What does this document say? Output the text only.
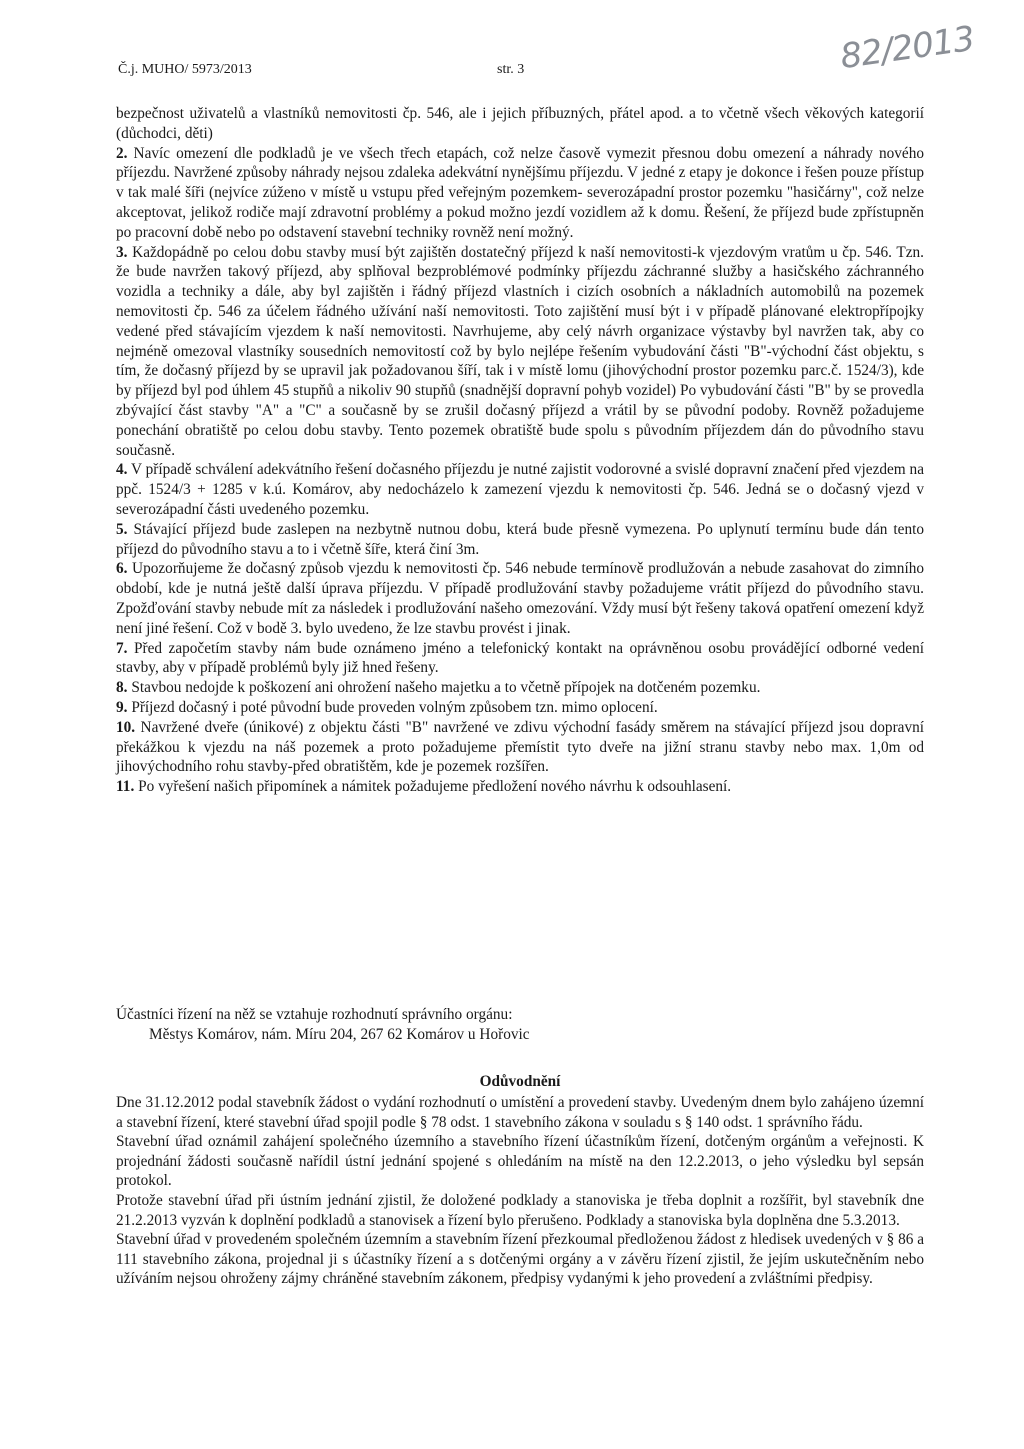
Č.j. MUHO/ 5973/2013	str. 3	82/2013

bezpečnost uživatelů a vlastníků nemovitosti čp. 546, ale i jejich příbuzných, přátel apod. a to včetně všech věkových kategorií (důchodci, děti)

2. Navíc omezení dle podkladů je ve všech třech etapách, což nelze časově vymezit přesnou dobu omezení a náhrady nového příjezdu. Navržené způsoby náhrady nejsou zdaleka adekvátní nynějšímu příjezdu. V jedné z etapy je dokonce i řešen pouze přístup v tak malé šíři (nejvíce zúženo v místě u vstupu před veřejným pozemkem- severozápadní prostor pozemku "hasičárny", což nelze akceptovat, jelikož rodiče mají zdravotní problémy a pokud možno jezdí vozidlem až k domu. Řešení, že příjezd bude zpřístupněn po pracovní době nebo po odstavení stavební techniky rovněž není možný.

3. Každopádně po celou dobu stavby musí být zajištěn dostatečný příjezd k naší nemovitosti-k vjezdovým vratům u čp. 546. Tzn. že bude navržen takový příjezd, aby splňoval bezproblémové podmínky příjezdu záchranné služby a hasičského záchranného vozidla a techniky a dále, aby byl zajištěn i řádný příjezd vlastních i cizích osobních a nákladních automobilů na pozemek nemovitosti čp. 546 za účelem řádného užívání naší nemovitosti. Toto zajištění musí být i v případě plánované elektropřípojky vedené před stávajícím vjezdem k naší nemovitosti. Navrhujeme, aby celý návrh organizace výstavby byl navržen tak, aby co nejméně omezoval vlastníky sousedních nemovitostí což by bylo nejlépe řešením vybudování části "B"-východní část objektu, s tím, že dočasný příjezd by se upravil jak požadovanou šíří, tak i v místě lomu (jihovýchodní prostor pozemku parc.č. 1524/3), kde by příjezd byl pod úhlem 45 stupňů a nikoliv 90 stupňů (snadnější dopravní pohyb vozidel) Po vybudování části "B" by se provedla zbývající část stavby "A" a "C" a současně by se zrušil dočasný příjezd a vrátil by se původní podoby. Rovněž požadujeme ponechání obratiště po celou dobu stavby. Tento pozemek obratiště bude spolu s původním příjezdem dán do původního stavu současně.

4. V případě schválení adekvátního řešení dočasného příjezdu je nutné zajistit vodorovné a svislé dopravní značení před vjezdem na ppč. 1524/3 + 1285 v k.ú. Komárov, aby nedocházelo k zamezení vjezdu k nemovitosti čp. 546. Jedná se o dočasný vjezd v severozápadní části uvedeného pozemku.

5. Stávající příjezd bude zaslepen na nezbytně nutnou dobu, která bude přesně vymezena. Po uplynutí termínu bude dán tento příjezd do původního stavu a to i včetně šíře, která činí 3m.

6. Upozorňujeme že dočasný způsob vjezdu k nemovitosti čp. 546 nebude termínově prodlužován a nebude zasahovat do zimního období, kde je nutná ještě další úprava příjezdu. V případě prodlužování stavby požadujeme vrátit příjezd do původního stavu. Zpožďování stavby nebude mít za následek i prodlužování našeho omezování. Vždy musí být řešeny taková opatření omezení když není jiné řešení. Což v bodě 3. bylo uvedeno, že lze stavbu provést i jinak.

7. Před započetím stavby nám bude oznámeno jméno a telefonický kontakt na oprávněnou osobu provádějící odborné vedení stavby, aby v případě problémů byly již hned řešeny.

8. Stavbou nedojde k poškození ani ohrožení našeho majetku a to včetně přípojek na dotčeném pozemku.

9. Příjezd dočasný i poté původní bude proveden volným způsobem tzn. mimo oplocení.

10. Navržené dveře (únikové) z objektu části "B" navržené ve zdivu východní fasády směrem na stávající příjezd jsou dopravní překážkou k vjezdu na náš pozemek a proto požadujeme přemístit tyto dveře na jižní stranu stavby nebo max. 1,0m od jihovýchodního rohu stavby-před obratištěm, kde je pozemek rozšířen.

11. Po vyřešení našich připomínek a námitek požadujeme předložení nového návrhu k odsouhlasení.

Účastníci řízení na něž se vztahuje rozhodnutí správního orgánu:

Městys Komárov, nám. Míru 204, 267 62 Komárov u Hořovic

Odůvodnění

Dne 31.12.2012 podal stavebník žádost o vydání rozhodnutí o umístění a provedení stavby. Uvedeným dnem bylo zahájeno územní a stavební řízení, které stavební úřad spojil podle § 78 odst. 1 stavebního zákona v souladu s § 140 odst. 1 správního řádu.

Stavební úřad oznámil zahájení společného územního a stavebního řízení účastníkům řízení, dotčeným orgánům a veřejnosti. K projednání žádosti současně nařídil ústní jednání spojené s ohledáním na místě na den 12.2.2013, o jeho výsledku byl sepsán protokol.

Protože stavební úřad při ústním jednání zjistil, že doložené podklady a stanoviska je třeba doplnit a rozšířit, byl stavebník dne 21.2.2013 vyzván k doplnění podkladů a stanovisek a řízení bylo přerušeno. Podklady a stanoviska byla doplněna dne 5.3.2013.

Stavební úřad v provedeném společném územním a stavebním řízení přezkoumal předloženou žádost z hledisek uvedených v § 86 a 111 stavebního zákona, projednal ji s účastníky řízení a s dotčenými orgány a v závěru řízení zjistil, že jejím uskutečněním nebo užíváním nejsou ohroženy zájmy chráněné stavebním zákonem, předpisy vydanými k jeho provedení a zvláštními předpisy.
